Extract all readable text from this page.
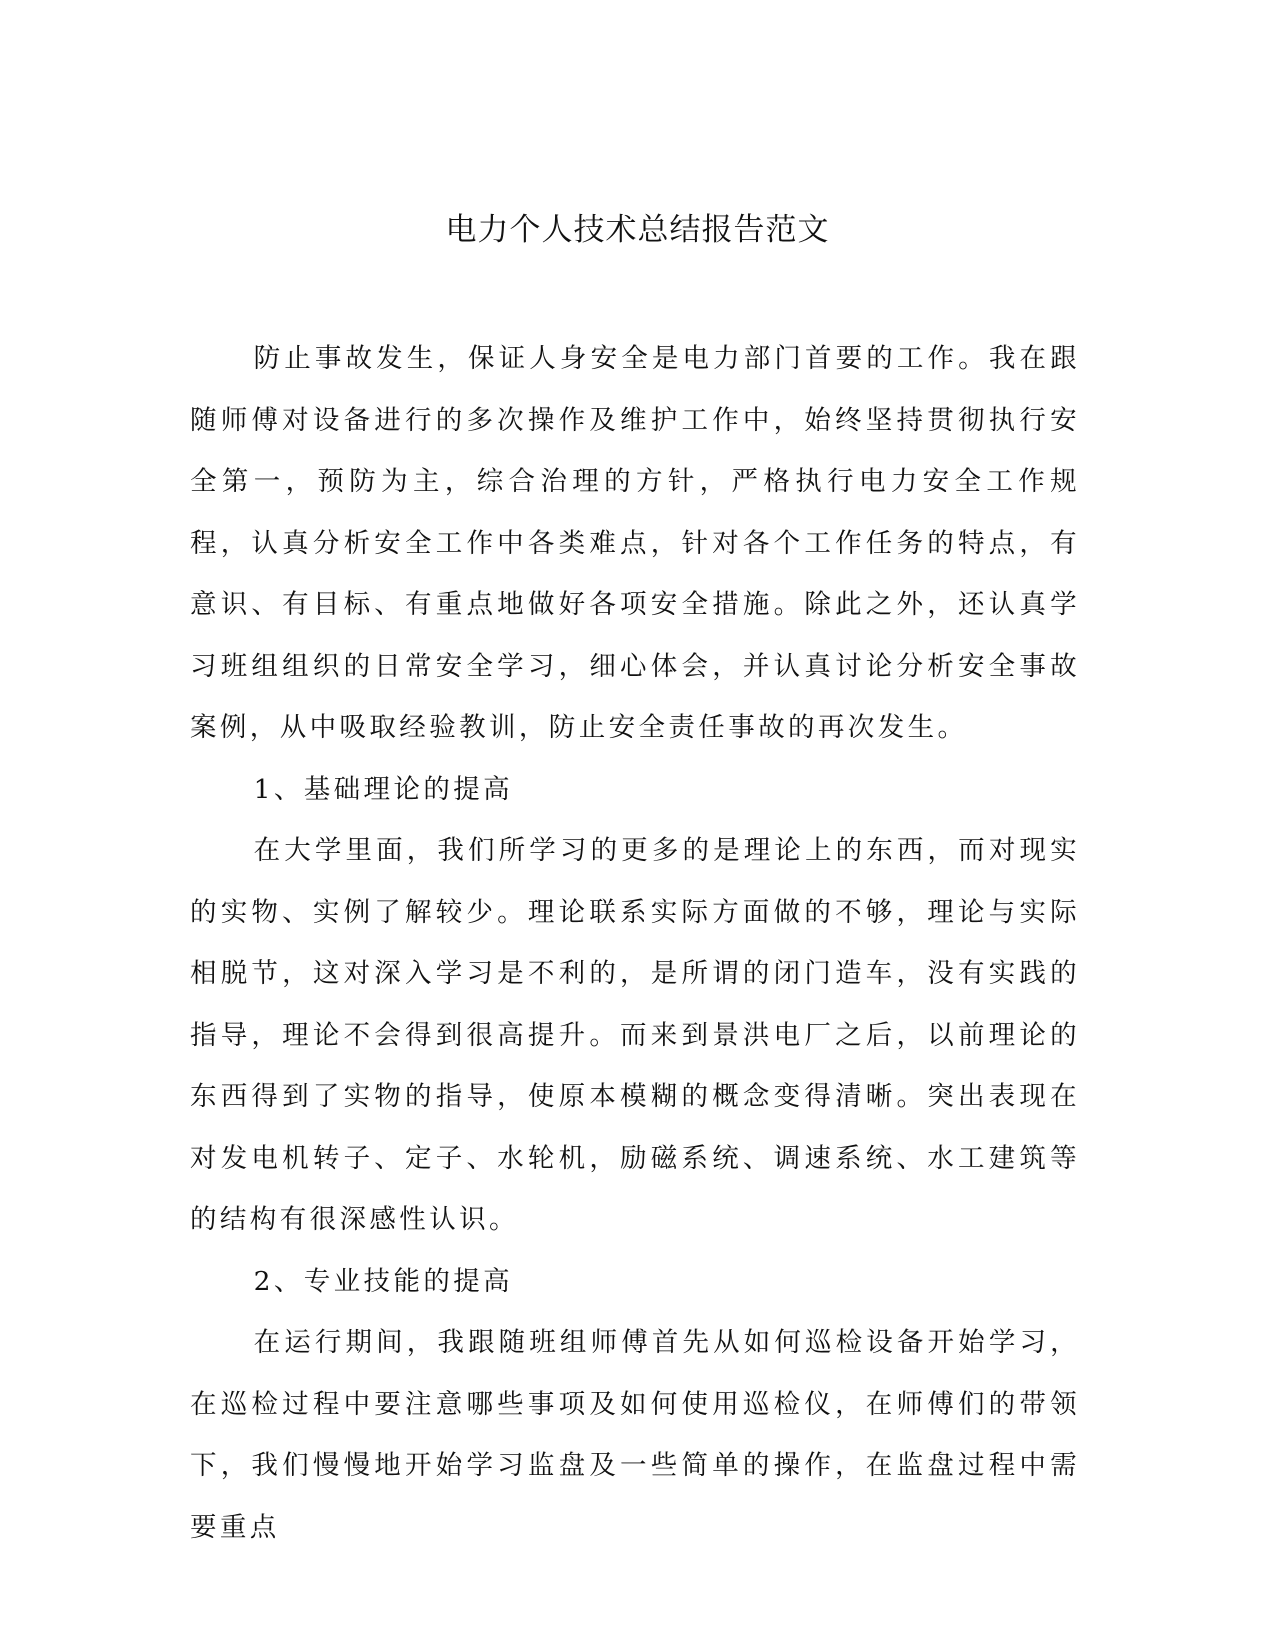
电力个人技术总结报告范文

防止事故发生，保证人身安全是电力部门首要的工作。我在跟随师傅对设备进行的多次操作及维护工作中，始终坚持贯彻执行安全第一，预防为主，综合治理的方针，严格执行电力安全工作规程，认真分析安全工作中各类难点，针对各个工作任务的特点，有意识、有目标、有重点地做好各项安全措施。除此之外，还认真学习班组组织的日常安全学习，细心体会，并认真讨论分析安全事故案例，从中吸取经验教训，防止安全责任事故的再次发生。

1、基础理论的提高

在大学里面，我们所学习的更多的是理论上的东西，而对现实的实物、实例了解较少。理论联系实际方面做的不够，理论与实际相脱节，这对深入学习是不利的，是所谓的闭门造车，没有实践的指导，理论不会得到很高提升。而来到景洪电厂之后，以前理论的东西得到了实物的指导，使原本模糊的概念变得清晰。突出表现在对发电机转子、定子、水轮机，励磁系统、调速系统、水工建筑等的结构有很深感性认识。

2、专业技能的提高

在运行期间，我跟随班组师傅首先从如何巡检设备开始学习，在巡检过程中要注意哪些事项及如何使用巡检仪，在师傅们的带领下，我们慢慢地开始学习监盘及一些简单的操作，在监盘过程中需要重点
